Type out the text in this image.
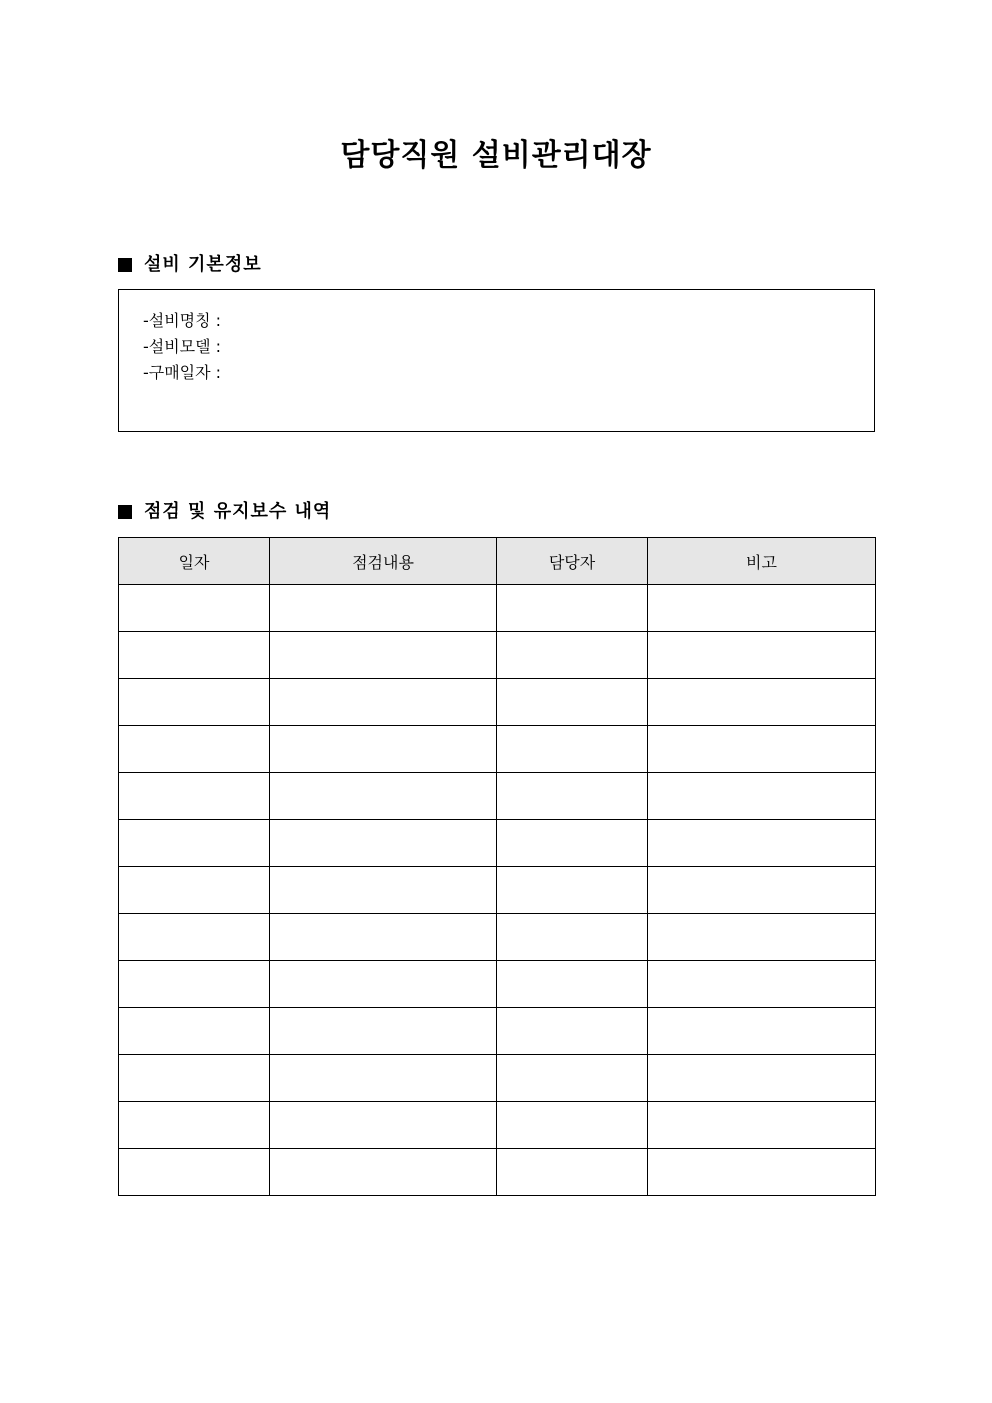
담당직원 설비관리대장
설비 기본정보
-설비명칭 :
-설비모델 :
-구매일자 :
점검 및 유지보수 내역
일자	점검내용	담당자	비고
